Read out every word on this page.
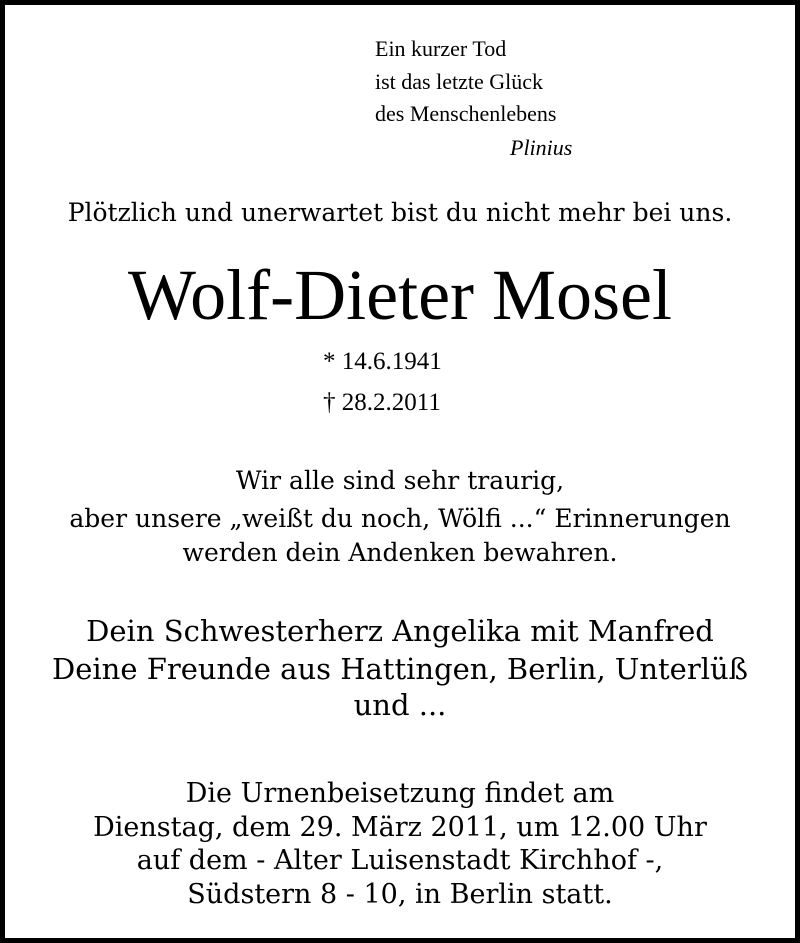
Ein kurzer Tod
ist das letzte Glück
des Menschenlebens
Plinius
Plötzlich und unerwartet bist du nicht mehr bei uns.
Wolf-Dieter Mosel
* 14.6.1941
† 28.2.2011
Wir alle sind sehr traurig,
aber unsere „weißt du noch, Wölfi ...“ Erinnerungen
werden dein Andenken bewahren.
Dein Schwesterherz Angelika mit Manfred
Deine Freunde aus Hattingen, Berlin, Unterlüß
und ...
Die Urnenbeisetzung findet am
Dienstag, dem 29. März 2011, um 12.00 Uhr
auf dem - Alter Luisenstadt Kirchhof -,
Südstern 8 - 10, in Berlin statt.
